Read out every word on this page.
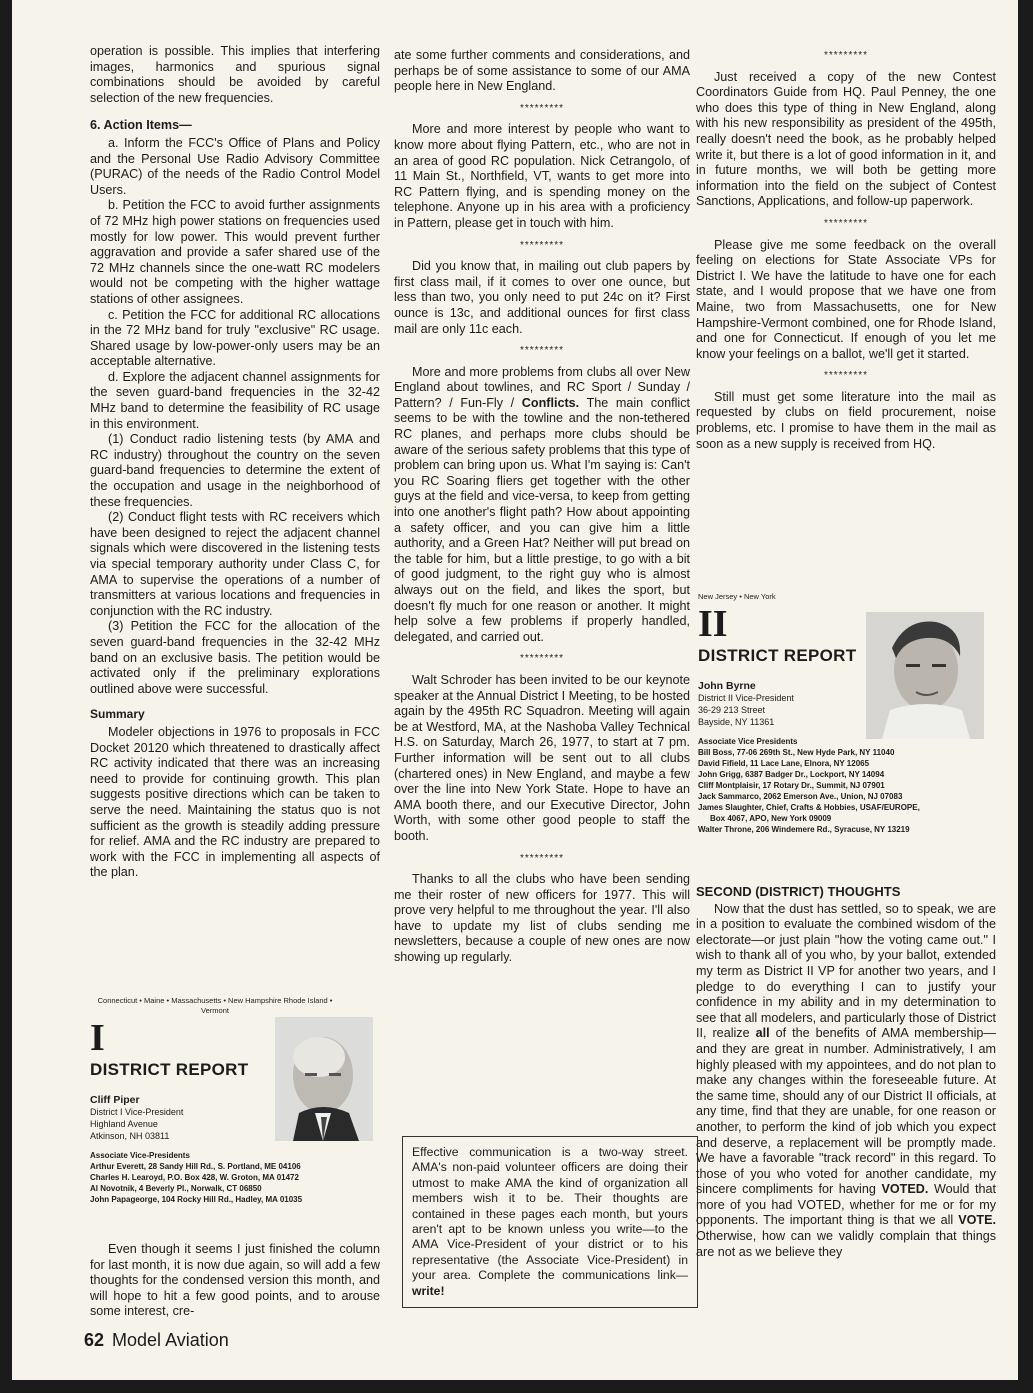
operation is possible. This implies that interfering images, harmonics and spurious signal combinations should be avoided by careful selection of the new frequencies.

6. Action Items—

a. Inform the FCC's Office of Plans and Policy and the Personal Use Radio Advisory Committee (PURAC) of the needs of the Radio Control Model Users.

b. Petition the FCC to avoid further assignments of 72 MHz high power stations on frequencies used mostly for low power. This would prevent further aggravation and provide a safer shared use of the 72 MHz channels since the one-watt RC modelers would not be competing with the higher wattage stations of other assignees.

c. Petition the FCC for additional RC allocations in the 72 MHz band for truly "exclusive" RC usage. Shared usage by low-power-only users may be an acceptable alternative.

d. Explore the adjacent channel assignments for the seven guard-band frequencies in the 32-42 MHz band to determine the feasibility of RC usage in this environment.

(1) Conduct radio listening tests (by AMA and RC industry) throughout the country on the seven guard-band frequencies to determine the extent of the occupation and usage in the neighborhood of these frequencies.

(2) Conduct flight tests with RC receivers which have been designed to reject the adjacent channel signals which were discovered in the listening tests via special temporary authority under Class C, for AMA to supervise the operations of a number of transmitters at various locations and frequencies in conjunction with the RC industry.

(3) Petition the FCC for the allocation of the seven guard-band frequencies in the 32-42 MHz band on an exclusive basis. The petition would be activated only if the preliminary explorations outlined above were successful.

Summary

Modeler objections in 1976 to proposals in FCC Docket 20120 which threatened to drastically affect RC activity indicated that there was an increasing need to provide for continuing growth. This plan suggests positive directions which can be taken to serve the need. Maintaining the status quo is not sufficient as the growth is steadily adding pressure for relief. AMA and the RC industry are prepared to work with the FCC in implementing all aspects of the plan.

Connecticut • Maine • Massachusetts • New Hampshire Rhode Island • Vermont
I
DISTRICT REPORT
Cliff Piper
District I Vice-President
Highland Avenue
Atkinson, NH 03811
Associate Vice-Presidents
Arthur Everett, 28 Sandy Hill Rd., S. Portland, ME 04106
Charles H. Learoyd, P.O. Box 428, W. Groton, MA 01472
Al Novotnik, 4 Beverly Pl., Norwalk, CT 06850
John Papageorge, 104 Rocky Hill Rd., Hadley, MA 01035

Even though it seems I just finished the column for last month, it is now due again, so will add a few thoughts for the condensed version this month, and will hope to hit a few good points, and to arouse some interest, cre-

ate some further comments and considerations, and perhaps be of some assistance to some of our AMA people here in New England.

*********

More and more interest by people who want to know more about flying Pattern, etc., who are not in an area of good RC population. Nick Cetrangolo, of 11 Main St., Northfield, VT, wants to get more into RC Pattern flying, and is spending money on the telephone. Anyone up in his area with a proficiency in Pattern, please get in touch with him.

*********

Did you know that, in mailing out club papers by first class mail, if it comes to over one ounce, but less than two, you only need to put 24c on it? First ounce is 13c, and additional ounces for first class mail are only 11c each.

*********

More and more problems from clubs all over New England about towlines, and RC Sport / Sunday / Pattern? / Fun-Fly / Conflicts. The main conflict seems to be with the towline and the non-tethered RC planes, and perhaps more clubs should be aware of the serious safety problems that this type of problem can bring upon us. What I'm saying is: Can't you RC Soaring fliers get together with the other guys at the field and vice-versa, to keep from getting into one another's flight path? How about appointing a safety officer, and you can give him a little authority, and a Green Hat? Neither will put bread on the table for him, but a little prestige, to go with a bit of good judgment, to the right guy who is almost always out on the field, and likes the sport, but doesn't fly much for one reason or another. It might help solve a few problems if properly handled, delegated, and carried out.

*********

Walt Schroder has been invited to be our keynote speaker at the Annual District I Meeting, to be hosted again by the 495th RC Squadron. Meeting will again be at Westford, MA, at the Nashoba Valley Technical H.S. on Saturday, March 26, 1977, to start at 7 pm. Further information will be sent out to all clubs (chartered ones) in New England, and maybe a few over the line into New York State. Hope to have an AMA booth there, and our Executive Director, John Worth, with some other good people to staff the booth.

*********

Thanks to all the clubs who have been sending me their roster of new officers for 1977. This will prove very helpful to me throughout the year. I'll also have to update my list of clubs sending me newsletters, because a couple of new ones are now showing up regularly.

Effective communication is a two-way street. AMA's non-paid volunteer officers are doing their utmost to make AMA the kind of organization all members wish it to be. Their thoughts are contained in these pages each month, but yours aren't apt to be known unless you write—to the AMA Vice-President of your district or to his representative (the Associate Vice-President) in your area. Complete the communications link—write!
*********

Just received a copy of the new Contest Coordinators Guide from HQ. Paul Penney, the one who does this type of thing in New England, along with his new responsibility as president of the 495th, really doesn't need the book, as he probably helped write it, but there is a lot of good information in it, and in future months, we will both be getting more information into the field on the subject of Contest Sanctions, Applications, and follow-up paperwork.

*********

Please give me some feedback on the overall feeling on elections for State Associate VPs for District I. We have the latitude to have one for each state, and I would propose that we have one from Maine, two from Massachusetts, one for New Hampshire-Vermont combined, one for Rhode Island, and one for Connecticut. If enough of you let me know your feelings on a ballot, we'll get it started.

*********

Still must get some literature into the mail as requested by clubs on field procurement, noise problems, etc. I promise to have them in the mail as soon as a new supply is received from HQ.

New Jersey • New York
II
DISTRICT REPORT
John Byrne
District II Vice-President
36-29 213 Street
Bayside, NY 11361
Associate Vice Presidents
Bill Boss, 77-06 269th St., New Hyde Park, NY 11040
David Fifield, 11 Lace Lane, Elnora, NY 12065
John Grigg, 6387 Badger Dr., Lockport, NY 14094
Cliff Montplaisir, 17 Rotary Dr., Summit, NJ 07901
Jack Sammarco, 2062 Emerson Ave., Union, NJ 07083
James Slaughter, Chief, Crafts & Hobbies, USAF/EUROPE,
Box 4067, APO, New York 09009
Walter Throne, 206 Windemere Rd., Syracuse, NY 13219
SECOND (DISTRICT) THOUGHTS

Now that the dust has settled, so to speak, we are in a position to evaluate the combined wisdom of the electorate—or just plain "how the voting came out." I wish to thank all of you who, by your ballot, extended my term as District II VP for another two years, and I pledge to do everything I can to justify your confidence in my ability and in my determination to see that all modelers, and particularly those of District II, realize all of the benefits of AMA membership—and they are great in number. Administratively, I am highly pleased with my appointees, and do not plan to make any changes within the foreseeable future. At the same time, should any of our District II officials, at any time, find that they are unable, for one reason or another, to perform the kind of job which you expect and deserve, a replacement will be promptly made. We have a favorable "track record" in this regard. To those of you who voted for another candidate, my sincere compliments for having VOTED. Would that more of you had VOTED, whether for me or for my opponents. The important thing is that we all VOTE. Otherwise, how can we validly complain that things are not as we believe they

62 Model Aviation
